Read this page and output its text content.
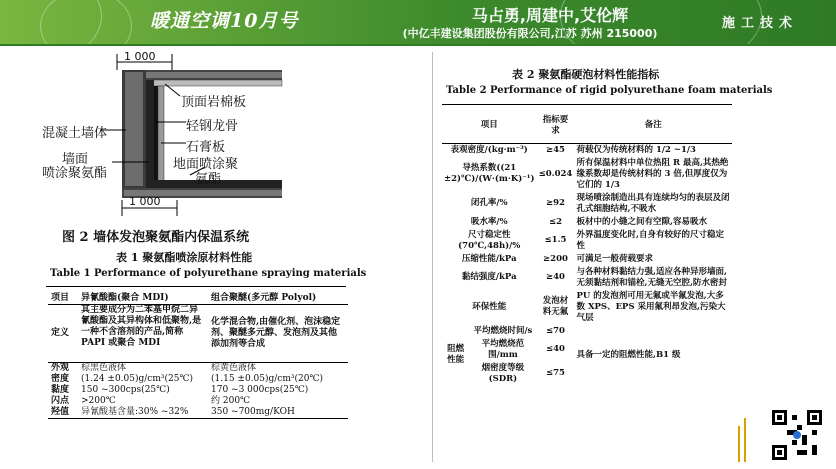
暖通空调10月号	马占勇,周建中,艾伦辉
(中亿丰建设集团股份有限公司,江苏 苏州 215000)
施工技术
1 000
1 000
顶面岩棉板
轻钢龙骨
混凝土墙体
石膏板
墙面
喷涂聚氨酯
地面喷涂聚
氨酯
图 2 墙体发泡聚氨酯内保温系统
表 1 聚氨酯喷涂原材料性能
Table 1 Performance of polyurethane spraying materials
项目	异氰酸酯(聚合 MDI)	组合聚醚(多元醇 Polyol)
定义	其主要成分为二苯基甲烷二异氰酸酯及其异构体和低聚物,是一种不含溶剂的产品,简称 PAPI 或聚合 MDI	化学混合物,由催化剂、泡沫稳定剂、聚醚多元醇、发泡剂及其他添加剂等合成
外观	棕黑色液体	棕黄色液体
密度	(1.24 ±0.05)g/cm³(25℃)	(1.15 ±0.05)g/cm³(20℃)
黏度	150 ~300cps(25℃)	170 ~3 000cps(25℃)
闪点	>200℃	约 200℃
羟值	异氰酸基含量:30% ~32%	350 ~700mg/KOH
表 2 聚氨酯硬泡材料性能指标
Table 2 Performance of rigid polyurethane foam materials
项目		指标要求	备注
表观密度/(kg·m⁻³)		≥45	荷载仅为传统材料的 1/2 ~1/3
导热系数((21 ±2)℃)/(W·(m·K)⁻¹)		≤0.024	所有保温材料中单位热阻 R 最高,其热绝缘系数却是传统材料的 3 倍,但厚度仅为它们的 1/3
闭孔率/%		≥92	现场喷涂制造出具有连续均匀的表层及闭孔式细胞结构,不吸水
吸水率/%		≤2	板材中的小缝之间有空隙,容易吸水
尺寸稳定性(70℃,48h)/%		≤1.5	外界温度变化时,自身有较好的尺寸稳定性
压缩性能/kPa		≥200	可满足一般荷载要求
黏结强度/kPa		≥40	与各种材料黏结力强,适应各种异形墙面,无须黏结剂和锚栓,无缝无空腔,防水密封
环保性能		发泡材料无氟	PU 的发泡剂可用无氟或半氟发泡,大多数 XPS、EPS 采用氟利昂发泡,污染大气层
阻燃性能	平均燃烧时间/s	≤70	具备一定的阻燃性能,B1 级
	平均燃烧范围/mm	≤40	
	烟密度等级(SDR)	≤75	
